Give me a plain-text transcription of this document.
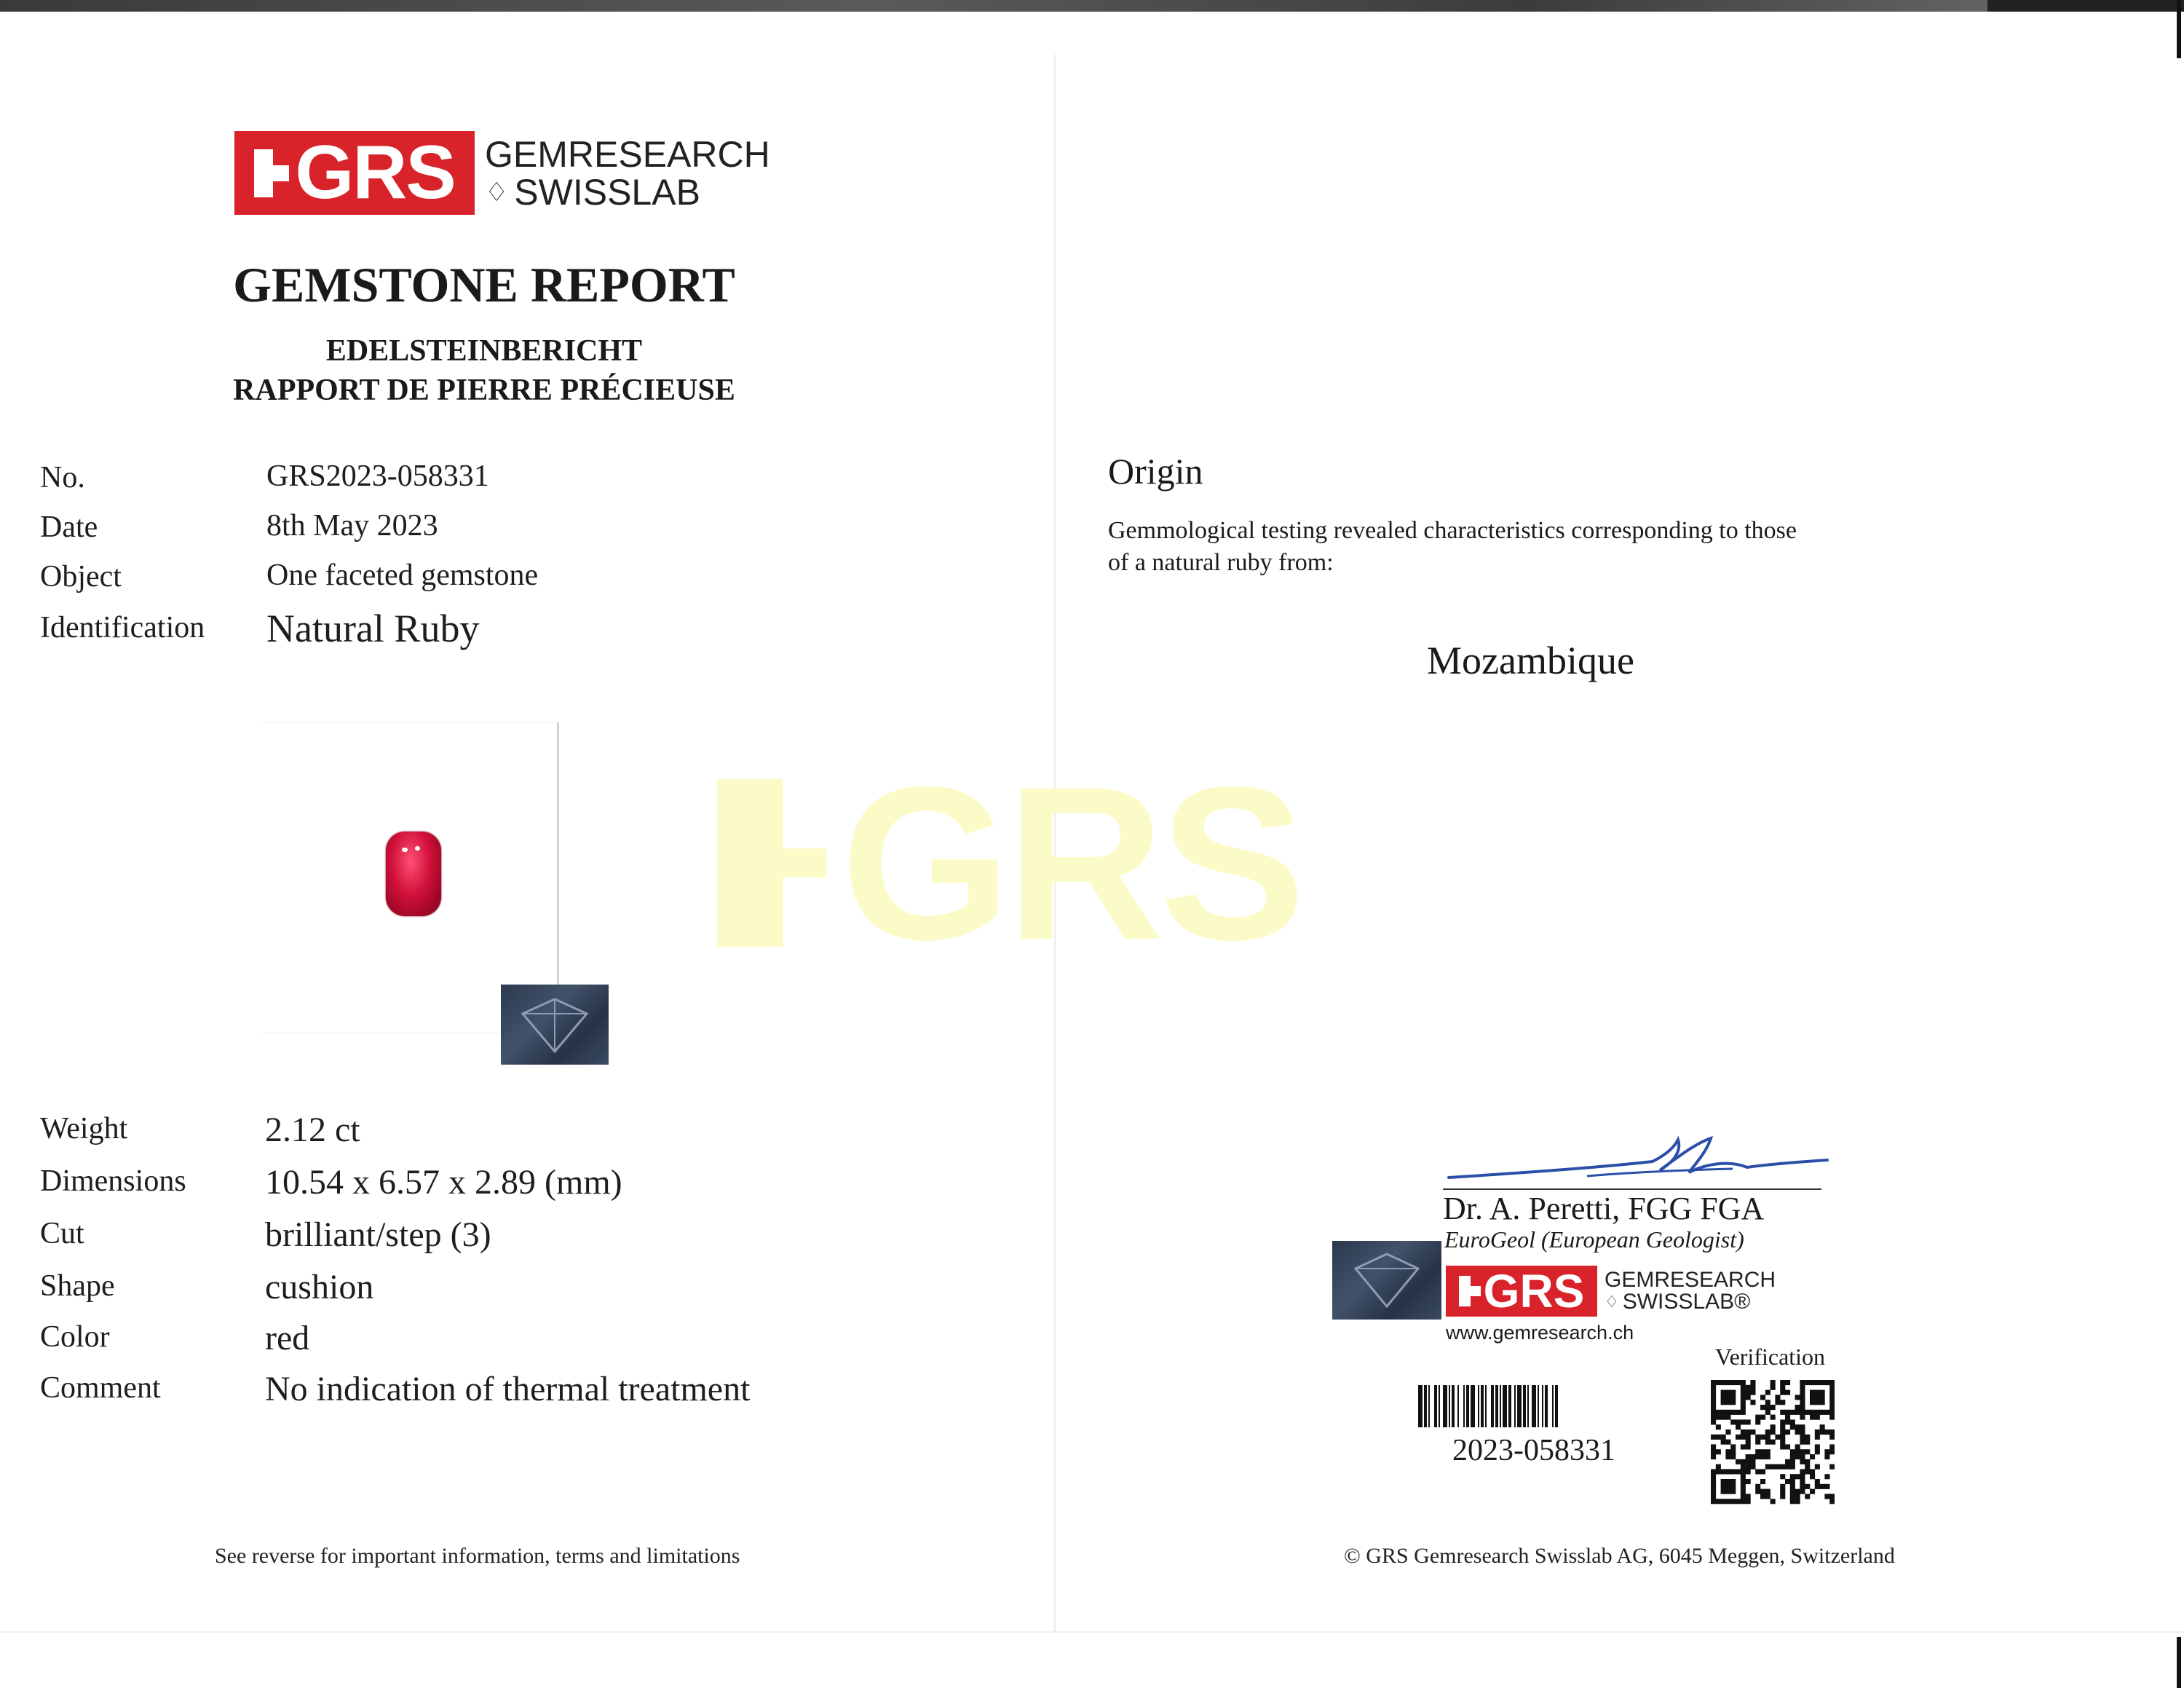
GRS
GRS GEMRESEARCH
♢ SWISSLAB
GEMSTONE REPORT
EDELSTEINBERICHT
RAPPORT DE PIERRE PRÉCIEUSE
No.	GRS2023-058331
Date	8th May 2023
Object	One faceted gemstone
Identification Natural Ruby
Weight	2.12 ct
Dimensions 10.54 x 6.57 x 2.89 (mm)
Cut	brilliant/step (3)
Shape	cushion
Color	red
Comment	No indication of thermal treatment
See reverse for important information, terms and limitations
Origin
Gemmological testing revealed characteristics corresponding to those
of a natural ruby from:
Mozambique
Dr. A. Peretti, FGG FGA
EuroGeol (European Geologist)
GRS GEMRESEARCH
♢ SWISSLAB®
www.gemresearch.ch
Verification
2023-058331
© GRS Gemresearch Swisslab AG, 6045 Meggen, Switzerland
